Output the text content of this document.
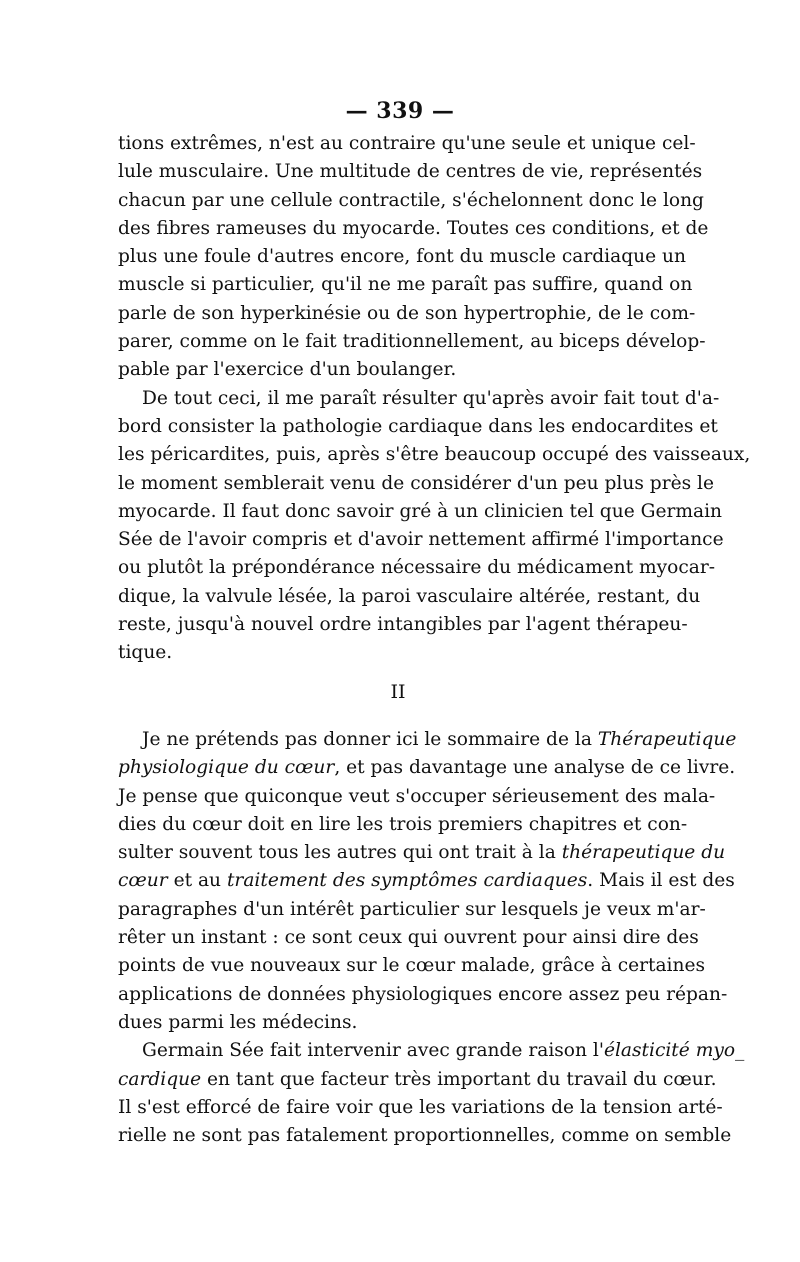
— 339 —
tions extrêmes, n'est au contraire qu'une seule et unique cel-
lule musculaire. Une multitude de centres de vie, représentés
chacun par une cellule contractile, s'échelonnent donc le long
des fibres rameuses du myocarde. Toutes ces conditions, et de
plus une foule d'autres encore, font du muscle cardiaque un
muscle si particulier, qu'il ne me paraît pas suffire, quand on
parle de son hyperkinésie ou de son hypertrophie, de le com-
parer, comme on le fait traditionnellement, au biceps dévelop-
pable par l'exercice d'un boulanger.
De tout ceci, il me paraît résulter qu'après avoir fait tout d'a-
bord consister la pathologie cardiaque dans les endocardites et
les péricardites, puis, après s'être beaucoup occupé des vaisseaux,
le moment semblerait venu de considérer d'un peu plus près le
myocarde. Il faut donc savoir gré à un clinicien tel que Germain
Sée de l'avoir compris et d'avoir nettement affirmé l'importance
ou plutôt la prépondérance nécessaire du médicament myocar-
dique, la valvule lésée, la paroi vasculaire altérée, restant, du
reste, jusqu'à nouvel ordre intangibles par l'agent thérapeu-
tique.
II
Je ne prétends pas donner ici le sommaire de la Thérapeutique
physiologique du cœur, et pas davantage une analyse de ce livre.
Je pense que quiconque veut s'occuper sérieusement des mala-
dies du cœur doit en lire les trois premiers chapitres et con-
sulter souvent tous les autres qui ont trait à la thérapeutique du
cœur et au traitement des symptômes cardiaques. Mais il est des
paragraphes d'un intérêt particulier sur lesquels je veux m'ar-
rêter un instant : ce sont ceux qui ouvrent pour ainsi dire des
points de vue nouveaux sur le cœur malade, grâce à certaines
applications de données physiologiques encore assez peu répan-
dues parmi les médecins.
Germain Sée fait intervenir avec grande raison l'élasticité myo_
cardique en tant que facteur très important du travail du cœur.
Il s'est efforcé de faire voir que les variations de la tension arté-
rielle ne sont pas fatalement proportionnelles, comme on semble
